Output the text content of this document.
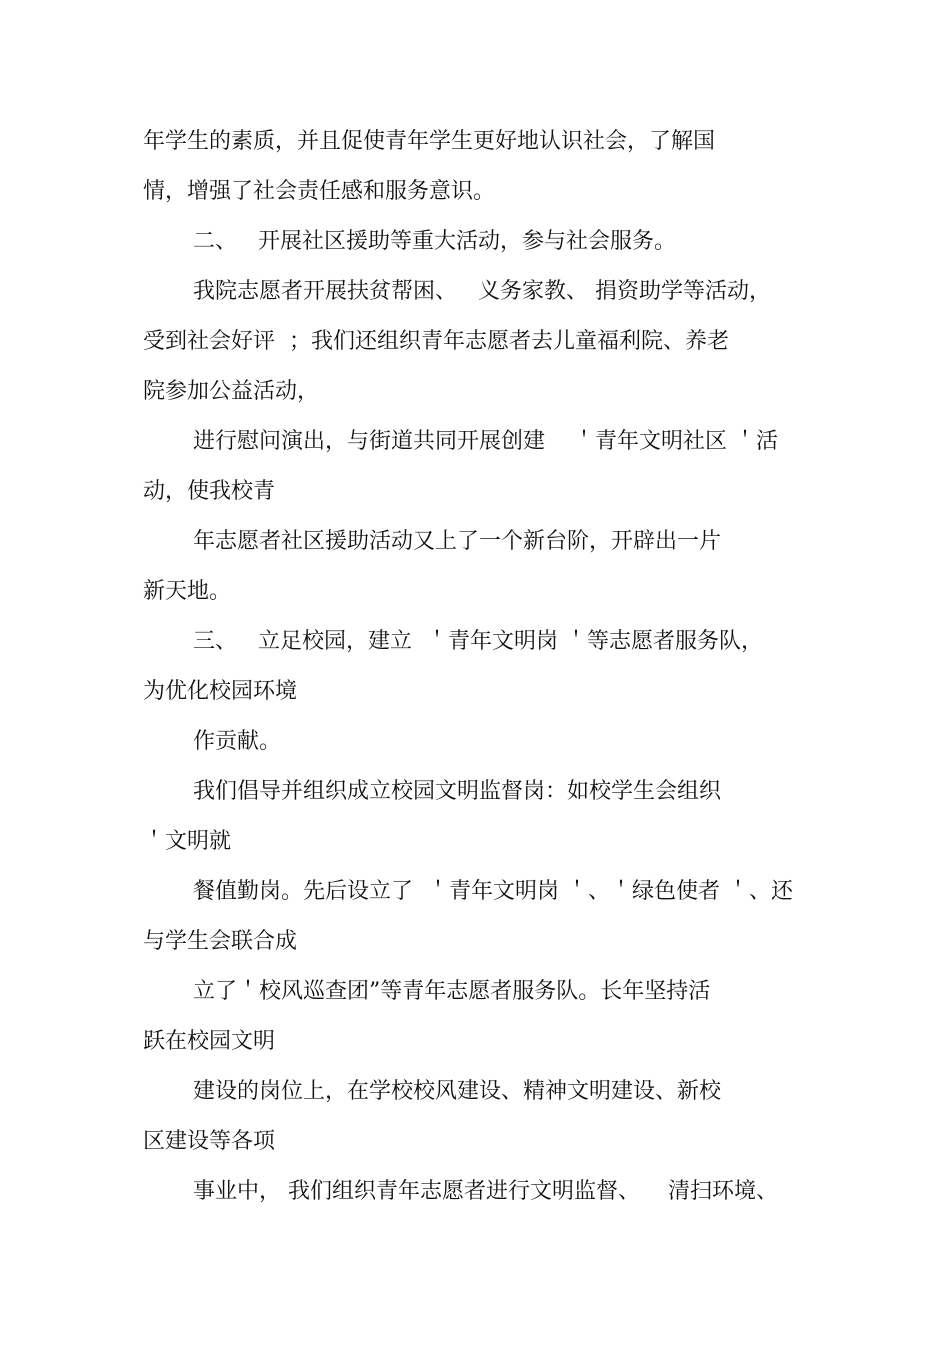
年学生的素质，并且促使青年学生更好地认识社会，了解国
情，增强了社会责任感和服务意识。
二、   开展社区援助等重大活动，参与社会服务。
我院志愿者开展扶贫帮困、   义务家教、 捐资助学等活动，
受到社会好评  ；我们还组织青年志愿者去儿童福利院、养老
院参加公益活动，
进行慰问演出，与街道共同开展创建    ＇青年文明社区 ＇活
动，使我校青
年志愿者社区援助活动又上了一个新台阶，开辟出一片
新天地。
三、   立足校园，建立  ＇青年文明岗 ＇等志愿者服务队，
为优化校园环境
作贡献。
我们倡导并组织成立校园文明监督岗：如校学生会组织
＇文明就
餐值勤岗。先后设立了  ＇青年文明岗 ＇、＇绿色使者 ＇、还
与学生会联合成
立了＇校风巡查团”等青年志愿者服务队。长年坚持活
跃在校园文明
建设的岗位上，在学校校风建设、精神文明建设、新校
区建设等各项
事业中， 我们组织青年志愿者进行文明监督、    清扫环境、
